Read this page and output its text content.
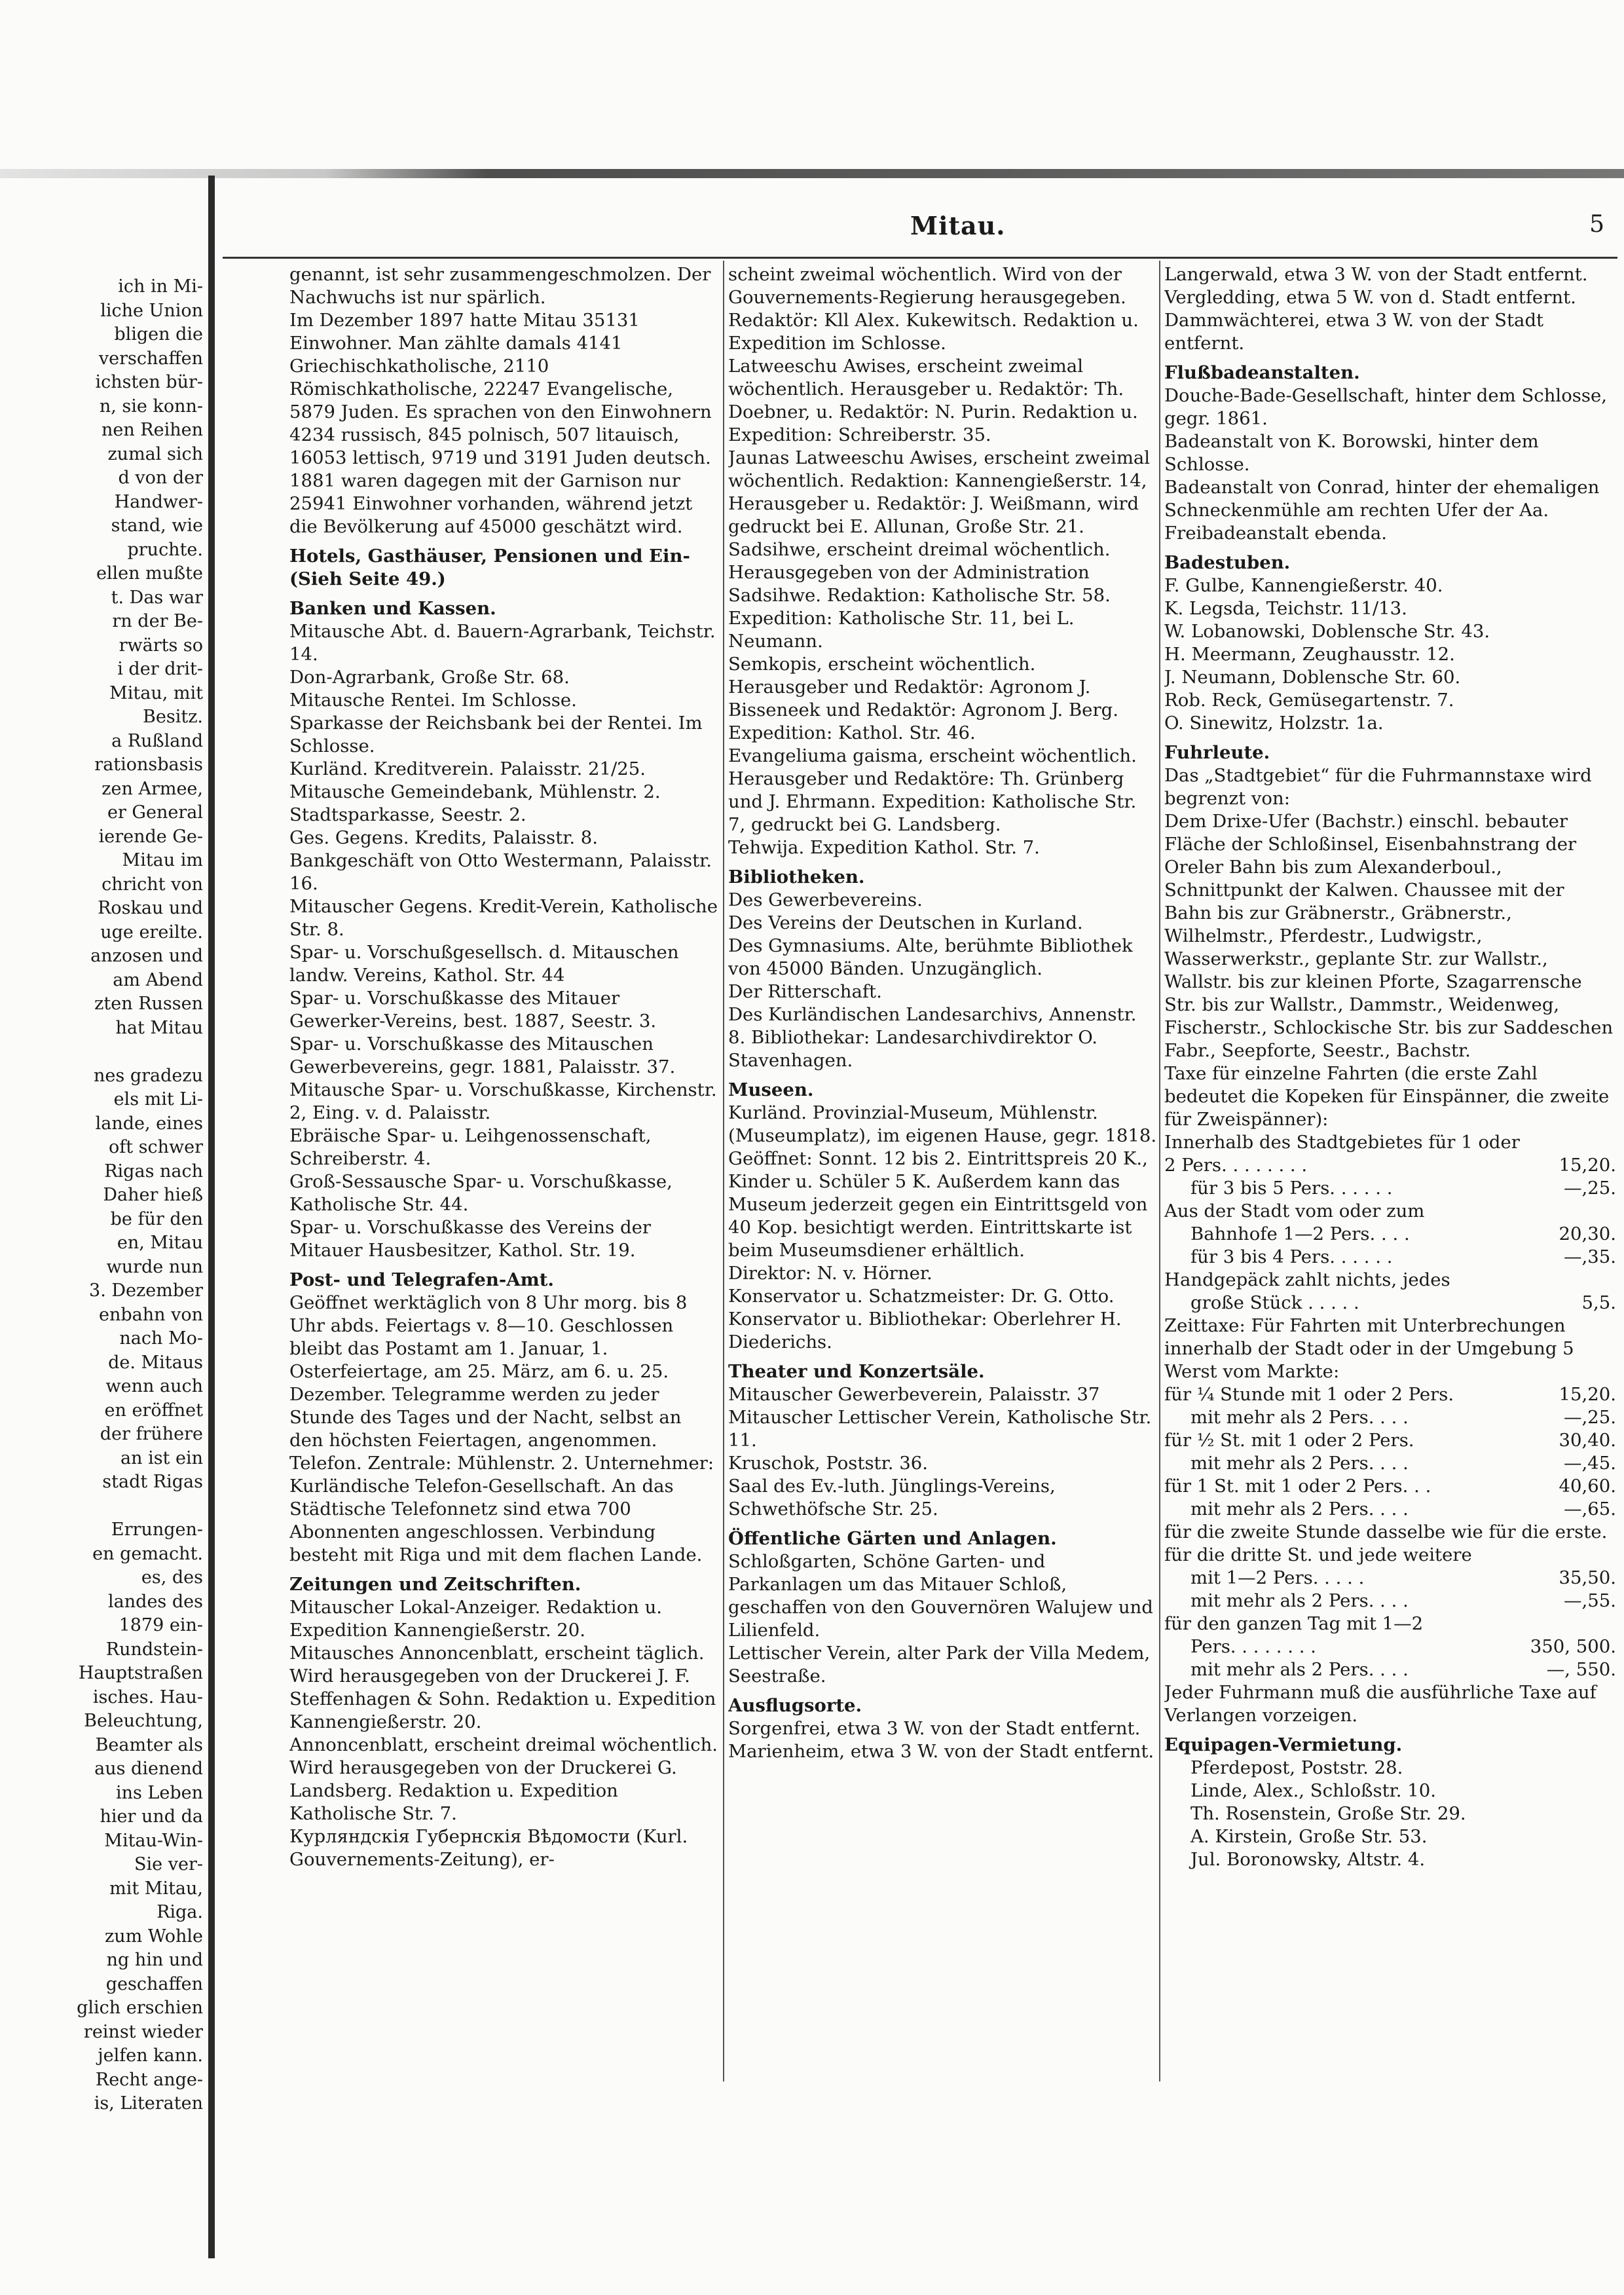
Mitau.	5

ich in Mi-

liche Union

bligen die

verschaffen

ichsten bür-

n, sie konn-

nen Reihen

zumal sich

d von der

Handwer-

stand, wie

pruchte.

ellen mußte

t. Das war

rn der Be-

rwärts so

i der drit-

Mitau, mit

Besitz.

a Rußland

rationsbasis

zen Armee,

er General

ierende Ge-

Mitau im

chricht von

Roskau und

uge ereilte.

anzosen und

am Abend

zten Russen

hat Mitau

nes gradezu

els mit Li-

lande, eines

oft schwer

Rigas nach

Daher hieß

be für den

en, Mitau

wurde nun

3. Dezember

enbahn von

nach Mo-

de. Mitaus

wenn auch

en eröffnet

der frühere

an ist ein

stadt Rigas

Errungen-

en gemacht.

es, des

landes des

1879 ein-

Rundstein-

Hauptstraßen

isches. Hau-

Beleuchtung,

Beamter als

aus dienend

ins Leben

hier und da

Mitau-Win-

Sie ver-

mit Mitau,

Riga.

zum Wohle

ng hin und

geschaffen

glich erschien

reinst wieder

jelfen kann.

Recht ange-

is, Literaten

genannt, ist sehr zusammengeschmolzen. Der Nachwuchs ist nur spärlich.

Im Dezember 1897 hatte Mitau 35131 Einwohner. Man zählte damals 4141 Griechischkatholische, 2110 Römischkatholische, 22247 Evangelische, 5879 Juden. Es sprachen von den Einwohnern 4234 russisch, 845 polnisch, 507 litauisch, 16053 lettisch, 9719 und 3191 Juden deutsch. 1881 waren dagegen mit der Garnison nur 25941 Einwohner vorhanden, während jetzt die Bevölkerung auf 45000 geschätzt wird.

Hotels, Gasthäuser, Pensionen und Ein- (Sieh Seite 49.)

Banken und Kassen.

Mitausche Abt. d. Bauern-Agrarbank, Teichstr. 14.

Don-Agrarbank, Große Str. 68.

Mitausche Rentei. Im Schlosse.

Sparkasse der Reichsbank bei der Rentei. Im Schlosse.

Kurländ. Kreditverein. Palaisstr. 21/25.

Mitausche Gemeindebank, Mühlenstr. 2.

Stadtsparkasse, Seestr. 2.

Ges. Gegens. Kredits, Palaisstr. 8.

Bankgeschäft von Otto Westermann, Palaisstr. 16.

Mitauscher Gegens. Kredit-Verein, Katholische Str. 8.

Spar- u. Vorschußgesellsch. d. Mitauschen landw. Vereins, Kathol. Str. 44

Spar- u. Vorschußkasse des Mitauer Gewerker-Vereins, best. 1887, Seestr. 3.

Spar- u. Vorschußkasse des Mitauschen Gewerbevereins, gegr. 1881, Palaisstr. 37.

Mitausche Spar- u. Vorschußkasse, Kirchenstr. 2, Eing. v. d. Palaisstr.

Ebräische Spar- u. Leihgenossenschaft, Schreiberstr. 4.

Groß-Sessausche Spar- u. Vorschußkasse, Katholische Str. 44.

Spar- u. Vorschußkasse des Vereins der Mitauer Hausbesitzer, Kathol. Str. 19.

Post- und Telegrafen-Amt.

Geöffnet werktäglich von 8 Uhr morg. bis 8 Uhr abds. Feiertags v. 8—10. Geschlossen bleibt das Postamt am 1. Januar, 1. Osterfeiertage, am 25. März, am 6. u. 25. Dezember. Telegramme werden zu jeder Stunde des Tages und der Nacht, selbst an den höchsten Feiertagen, angenommen.

Telefon. Zentrale: Mühlenstr. 2. Unternehmer: Kurländische Telefon-Gesellschaft. An das Städtische Telefonnetz sind etwa 700 Abonnenten angeschlossen. Verbindung besteht mit Riga und mit dem flachen Lande.

Zeitungen und Zeitschriften.

Mitauscher Lokal-Anzeiger. Redaktion u. Expedition Kannengießerstr. 20.

Mitausches Annoncenblatt, erscheint täglich. Wird herausgegeben von der Druckerei J. F. Steffenhagen & Sohn. Redaktion u. Expedition Kannengießerstr. 20.

Annoncenblatt, erscheint dreimal wöchentlich. Wird herausgegeben von der Druckerei G. Landsberg. Redaktion u. Expedition Katholische Str. 7.

Курляндскія Губернскія Вѣдомости (Kurl. Gouvernements-Zeitung), er-

scheint zweimal wöchentlich. Wird von der Gouvernements-Regierung herausgegeben. Redaktör: Kll Alex. Kukewitsch. Redaktion u. Expedition im Schlosse.

Latweeschu Awises, erscheint zweimal wöchentlich. Herausgeber u. Redaktör: Th. Doebner, u. Redaktör: N. Purin. Redaktion u. Expedition: Schreiberstr. 35.

Jaunas Latweeschu Awises, erscheint zweimal wöchentlich. Redaktion: Kannengießerstr. 14, Herausgeber u. Redaktör: J. Weißmann, wird gedruckt bei E. Allunan, Große Str. 21.

Sadsihwe, erscheint dreimal wöchentlich. Herausgegeben von der Administration Sadsihwe. Redaktion: Katholische Str. 58. Expedition: Katholische Str. 11, bei L. Neumann.

Semkopis, erscheint wöchentlich. Herausgeber und Redaktör: Agronom J. Bisseneek und Redaktör: Agronom J. Berg. Expedition: Kathol. Str. 46.

Evangeliuma gaisma, erscheint wöchentlich. Herausgeber und Redaktöre: Th. Grünberg und J. Ehrmann. Expedition: Katholische Str. 7, gedruckt bei G. Landsberg.

Tehwija. Expedition Kathol. Str. 7.

Bibliotheken.

Des Gewerbevereins.

Des Vereins der Deutschen in Kurland.

Des Gymnasiums. Alte, berühmte Bibliothek von 45000 Bänden. Unzugänglich.

Der Ritterschaft.

Des Kurländischen Landesarchivs, Annenstr. 8. Bibliothekar: Landesarchivdirektor O. Stavenhagen.

Museen.

Kurländ. Provinzial-Museum, Mühlenstr. (Museumplatz), im eigenen Hause, gegr. 1818. Geöffnet: Sonnt. 12 bis 2. Eintrittspreis 20 K., Kinder u. Schüler 5 K. Außerdem kann das Museum jederzeit gegen ein Eintrittsgeld von 40 Kop. besichtigt werden. Eintrittskarte ist beim Museumsdiener erhältlich.

Direktor: N. v. Hörner.

Konservator u. Schatzmeister: Dr. G. Otto.

Konservator u. Bibliothekar: Oberlehrer H. Diederichs.

Theater und Konzertsäle.

Mitauscher Gewerbeverein, Palaisstr. 37

Mitauscher Lettischer Verein, Katholische Str. 11.

Kruschok, Poststr. 36.

Saal des Ev.-luth. Jünglings-Vereins, Schwethöfsche Str. 25.

Öffentliche Gärten und Anlagen.

Schloßgarten, Schöne Garten- und Parkanlagen um das Mitauer Schloß, geschaffen von den Gouvernören Walujew und Lilienfeld.

Lettischer Verein, alter Park der Villa Medem, Seestraße.

Ausflugsorte.

Sorgenfrei, etwa 3 W. von der Stadt entfernt.

Marienheim, etwa 3 W. von der Stadt entfernt.

Langerwald, etwa 3 W. von der Stadt entfernt.

Vergledding, etwa 5 W. von d. Stadt entfernt.

Dammwächterei, etwa 3 W. von der Stadt entfernt.

Flußbadeanstalten.

Douche-Bade-Gesellschaft, hinter dem Schlosse, gegr. 1861.

Badeanstalt von K. Borowski, hinter dem Schlosse.

Badeanstalt von Conrad, hinter der ehemaligen Schneckenmühle am rechten Ufer der Aa.

Freibadeanstalt ebenda.

Badestuben.

F. Gulbe, Kannengießerstr. 40.

K. Legsda, Teichstr. 11/13.

W. Lobanowski, Doblensche Str. 43.

H. Meermann, Zeughausstr. 12.

J. Neumann, Doblensche Str. 60.

Rob. Reck, Gemüsegartenstr. 7.

O. Sinewitz, Holzstr. 1a.

Fuhrleute.

Das „Stadtgebiet“ für die Fuhrmannstaxe wird begrenzt von:

Dem Drixe-Ufer (Bachstr.) einschl. bebauter Fläche der Schloßinsel, Eisenbahnstrang der Oreler Bahn bis zum Alexanderboul., Schnittpunkt der Kalwen. Chaussee mit der Bahn bis zur Gräbnerstr., Gräbnerstr., Wilhelmstr., Pferdestr., Ludwigstr., Wasserwerkstr., geplante Str. zur Wallstr., Wallstr. bis zur kleinen Pforte, Szagarrensche Str. bis zur Wallstr., Dammstr., Weidenweg, Fischerstr., Schlockische Str. bis zur Saddeschen Fabr., Seepforte, Seestr., Bachstr.

Taxe für einzelne Fahrten (die erste Zahl bedeutet die Kopeken für Einspänner, die zweite für Zweispänner):

Innerhalb des Stadtgebietes für 1 oder

15,20.
2 Pers. . . . . . . .

—,25.
für 3 bis 5 Pers. . . . . .

Aus der Stadt vom oder zum

20,30.
Bahnhofe 1—2 Pers. . . .

—,35.
für 3 bis 4 Pers. . . . . .

Handgepäck zahlt nichts, jedes

5,5.
große Stück . . . . .

Zeittaxe: Für Fahrten mit Unterbrechungen innerhalb der Stadt oder in der Umgebung 5 Werst vom Markte:

15,20.
für ¼ Stunde mit 1 oder 2 Pers.

—,25.
mit mehr als 2 Pers. . . .

30,40.
für ½ St. mit 1 oder 2 Pers.

—,45.
mit mehr als 2 Pers. . . .

40,60.
für 1 St. mit 1 oder 2 Pers. . .

—,65.
mit mehr als 2 Pers. . . .

für die zweite Stunde dasselbe wie für die erste.

für die dritte St. und jede weitere

35,50.
mit 1—2 Pers. . . . .

—,55.
mit mehr als 2 Pers. . . .

für den ganzen Tag mit 1—2

350, 500.
Pers. . . . . . . .

—, 550.
mit mehr als 2 Pers. . . .

Jeder Fuhrmann muß die ausführliche Taxe auf Verlangen vorzeigen.

Equipagen-Vermietung.

Pferdepost, Poststr. 28.

Linde, Alex., Schloßstr. 10.

Th. Rosenstein, Große Str. 29.

A. Kirstein, Große Str. 53.

Jul. Boronowsky, Altstr. 4.
